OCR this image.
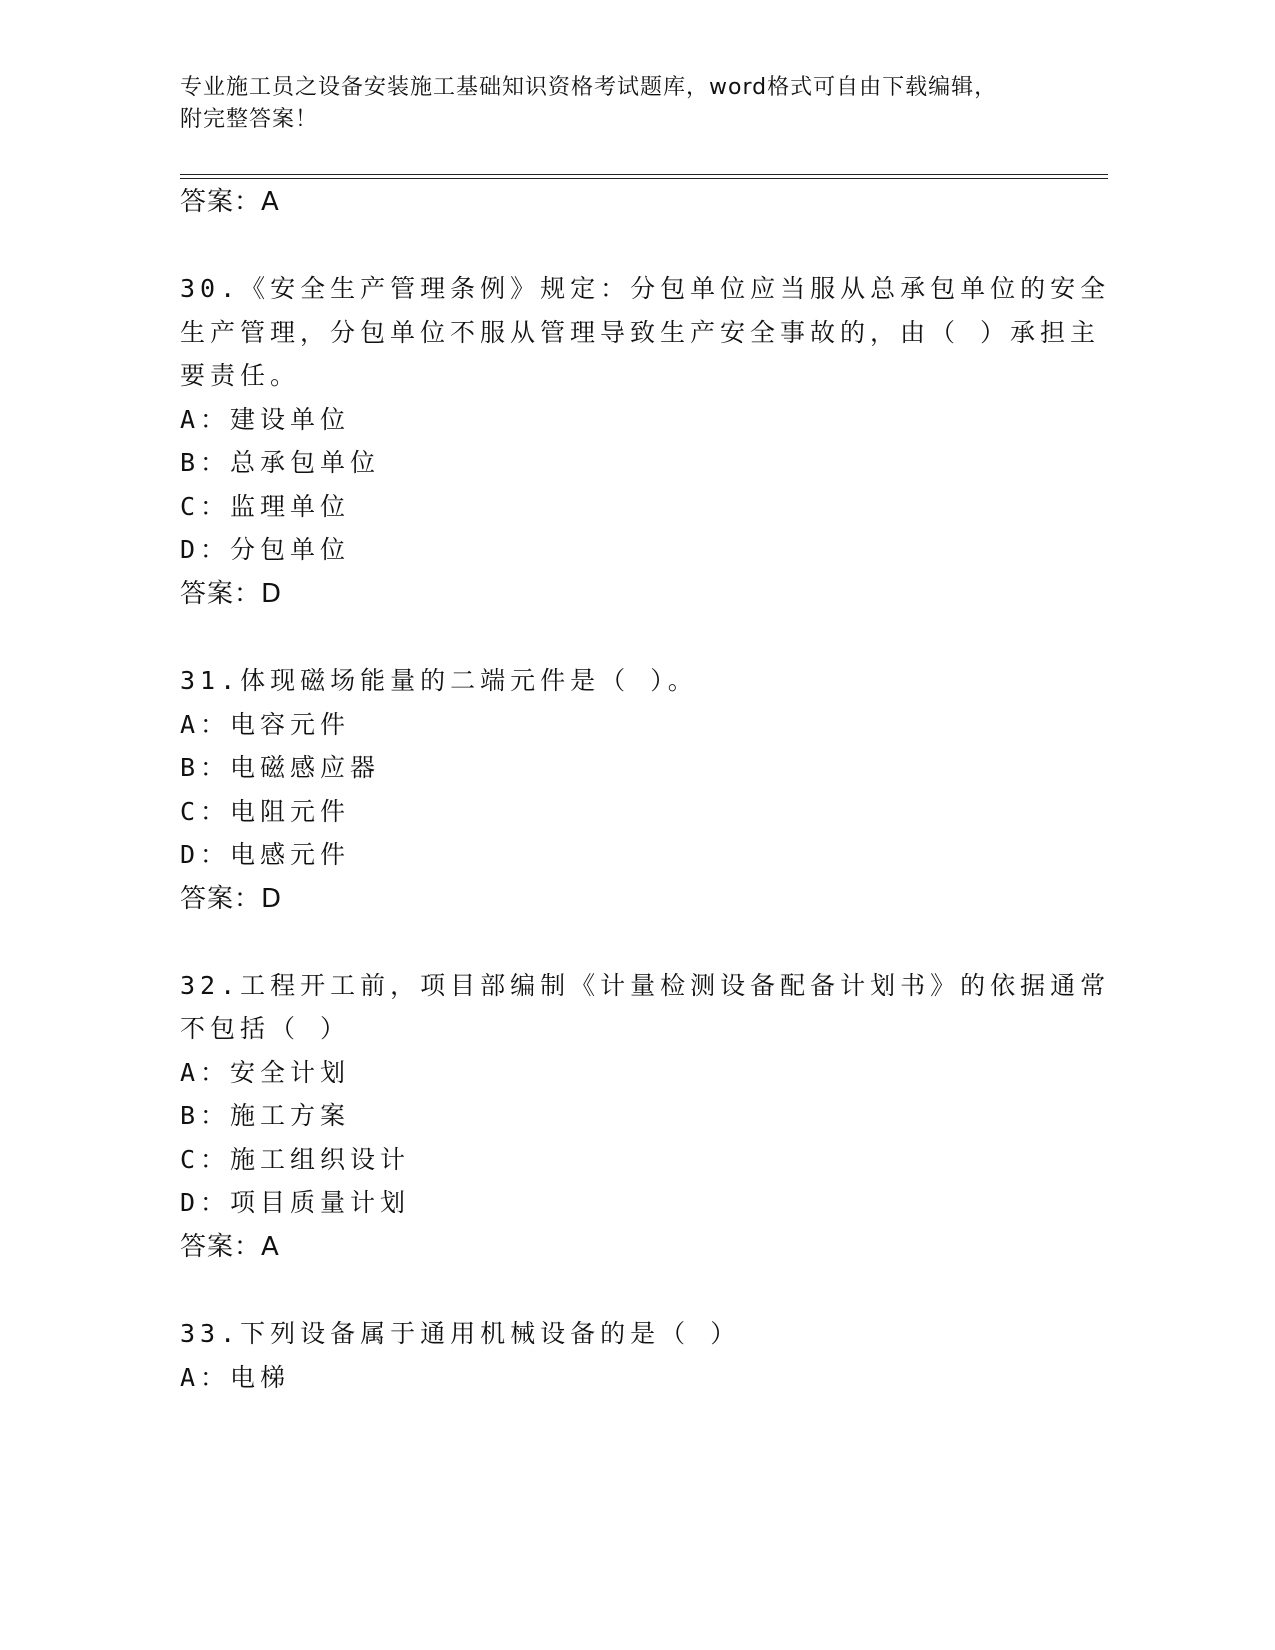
专业施工员之设备安装施工基础知识资格考试题库，word格式可自由下载编辑，
附完整答案！
答案：A
30.《安全生产管理条例》规定：分包单位应当服从总承包单位的安全
生产管理，分包单位不服从管理导致生产安全事故的，由（ ）承担主
要责任。
A：建设单位
B：总承包单位
C：监理单位
D：分包单位
答案：D
31.体现磁场能量的二端元件是（ ）。
A：电容元件
B：电磁感应器
C：电阻元件
D：电感元件
答案：D
32.工程开工前，项目部编制《计量检测设备配备计划书》的依据通常
不包括（ ）
A：安全计划
B：施工方案
C：施工组织设计
D：项目质量计划
答案：A
33.下列设备属于通用机械设备的是（ ）
A：电梯
